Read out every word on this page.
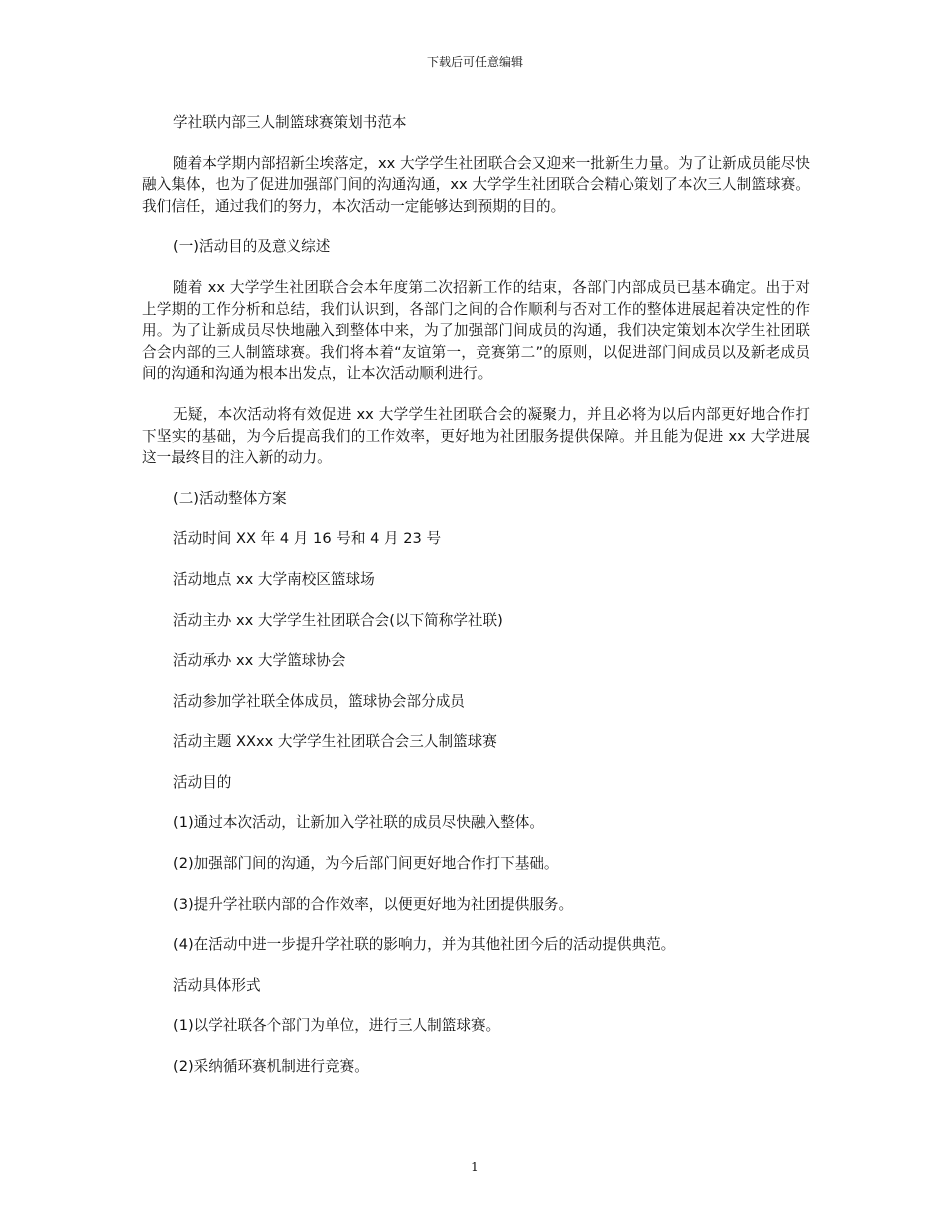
下载后可任意编辑

学社联内部三人制篮球赛策划书范本

随着本学期内部招新尘埃落定，xx 大学学生社团联合会又迎来一批新生力量。为了让新成员能尽快融入集体，也为了促进加强部门间的沟通沟通，xx 大学学生社团联合会精心策划了本次三人制篮球赛。我们信任，通过我们的努力，本次活动一定能够达到预期的目的。

(一)活动目的及意义综述

随着 xx 大学学生社团联合会本年度第二次招新工作的结束，各部门内部成员已基本确定。出于对上学期的工作分析和总结，我们认识到，各部门之间的合作顺利与否对工作的整体进展起着决定性的作用。为了让新成员尽快地融入到整体中来，为了加强部门间成员的沟通，我们决定策划本次学生社团联合会内部的三人制篮球赛。我们将本着“友谊第一，竞赛第二”的原则，以促进部门间成员以及新老成员间的沟通和沟通为根本出发点，让本次活动顺利进行。

无疑，本次活动将有效促进 xx 大学学生社团联合会的凝聚力，并且必将为以后内部更好地合作打下坚实的基础，为今后提高我们的工作效率，更好地为社团服务提供保障。并且能为促进 xx 大学进展这一最终目的注入新的动力。

(二)活动整体方案

活动时间 XX 年 4 月 16 号和 4 月 23 号

活动地点 xx 大学南校区篮球场

活动主办 xx 大学学生社团联合会(以下简称学社联)

活动承办 xx 大学篮球协会

活动参加学社联全体成员，篮球协会部分成员

活动主题 XXxx 大学学生社团联合会三人制篮球赛

活动目的

(1)通过本次活动，让新加入学社联的成员尽快融入整体。

(2)加强部门间的沟通，为今后部门间更好地合作打下基础。

(3)提升学社联内部的合作效率，以便更好地为社团提供服务。

(4)在活动中进一步提升学社联的影响力，并为其他社团今后的活动提供典范。

活动具体形式

(1)以学社联各个部门为单位，进行三人制篮球赛。

(2)采纳循环赛机制进行竞赛。

1
